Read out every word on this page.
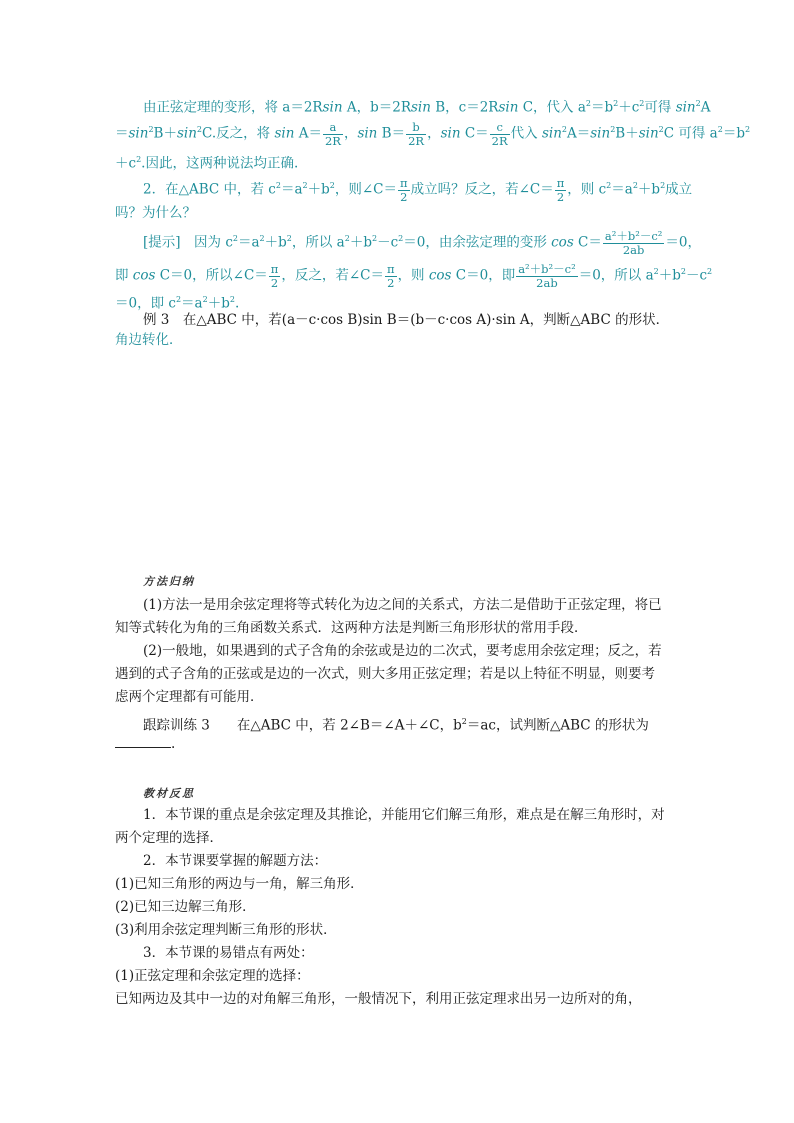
由正弦定理的变形，将 a＝2Rsin A，b＝2Rsin B，c＝2Rsin C，代入 $a^2=b^2+c^2$可得 $\sin^2A$
$=\sin^2B+\sin^2C$.反之，将 $\sin A= \frac{a}{2R}$ ，$\sin B= \frac{b}{2R}$ ，$\sin C= \frac{c}{2R}$ 代入 $\sin^2A=\sin^2B+\sin^2C$ 可得 $a^2=b^2$
$+c^2$.因此，这两种说法均正确.
2．在△ABC 中，若 $c^2=a^2+b^2$，则∠C＝ $\frac{\pi}{2}$ 成立吗？反之，若∠C＝ $\frac{\pi}{2}$ ，则 $c^2=a^2+b^2$成立
吗？为什么？
[提示]　因为 $c^2=a^2+b^2$，所以 $a^2+b^2-c^2=0$，由余弦定理的变形 $\cos C= \frac{\text{a²＋b²－c²}}{2ab} =0$，
即 cos C＝0，所以∠C＝ $\frac{\pi}{2}$ ，反之，若∠C＝ $\frac{\pi}{2}$ ，则 cos C＝0，即 $\frac{\text{a²＋b²－c²}}{2ab} =0$，所以 $a^2+b^2-c^2$
＝0，即 $c^2=a^2+b^2$.
例 3　在△ABC 中，若(a－c·cos B)sin B＝(b－c·cos A)·sin A，判断△ABC 的形状．
角边转化．
方法归纳
(1)方法一是用余弦定理将等式转化为边之间的关系式，方法二是借助于正弦定理，将已
知等式转化为角的三角函数关系式．这两种方法是判断三角形形状的常用手段．
(2)一般地，如果遇到的式子含角的余弦或是边的二次式，要考虑用余弦定理；反之，若
遇到的式子含角的正弦或是边的一次式，则大多用正弦定理；若是以上特征不明显，则要考
虑两个定理都有可能用．
跟踪训练 3　　在△ABC 中，若 2∠B＝∠A＋∠C，$b^2=ac$，试判断△ABC 的形状为
.
教材反思
1．本节课的重点是余弦定理及其推论，并能用它们解三角形，难点是在解三角形时，对
两个定理的选择．
2．本节课要掌握的解题方法：
(1)已知三角形的两边与一角，解三角形．
(2)已知三边解三角形．
(3)利用余弦定理判断三角形的形状．
3．本节课的易错点有两处：
(1)正弦定理和余弦定理的选择：
已知两边及其中一边的对角解三角形，一般情况下，利用正弦定理求出另一边所对的角，
